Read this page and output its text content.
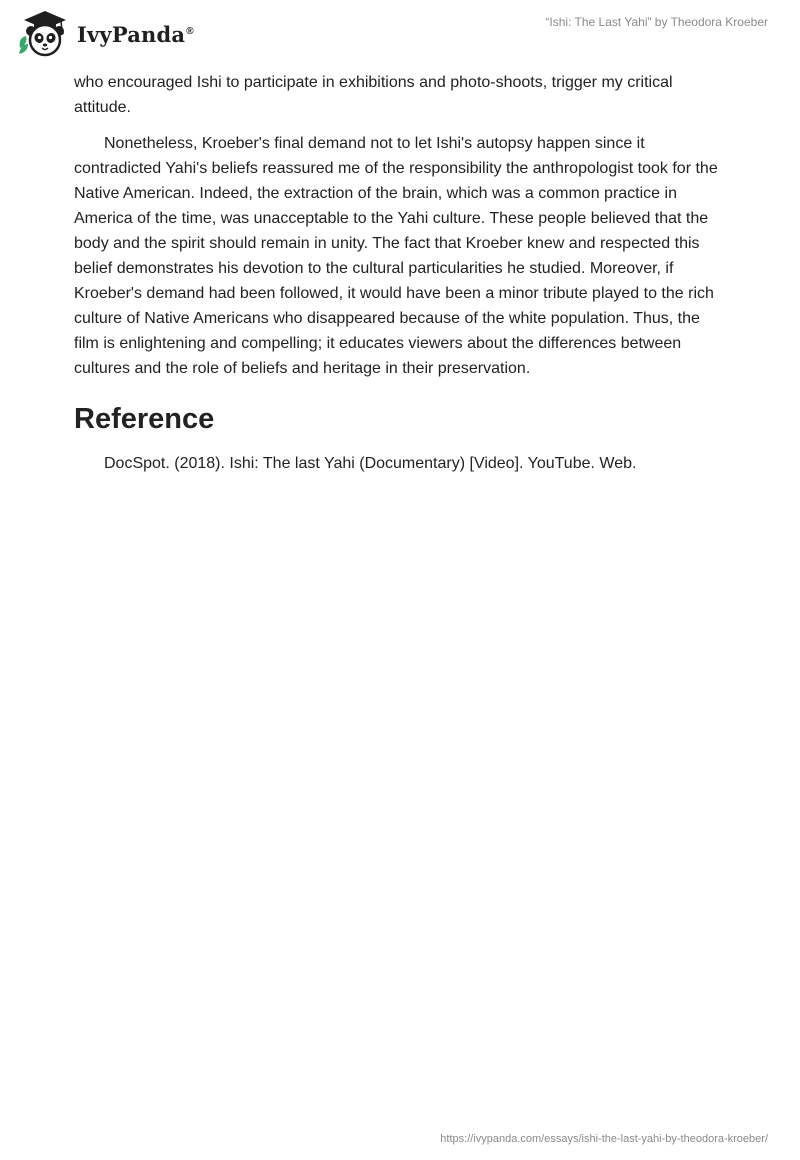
IvyPanda®
“Ishi: The Last Yahi” by Theodora Kroeber

who encouraged Ishi to participate in exhibitions and photo-shoots, trigger my critical attitude.

Nonetheless, Kroeber's final demand not to let Ishi's autopsy happen since it contradicted Yahi's beliefs reassured me of the responsibility the anthropologist took for the Native American. Indeed, the extraction of the brain, which was a common practice in America of the time, was unacceptable to the Yahi culture. These people believed that the body and the spirit should remain in unity. The fact that Kroeber knew and respected this belief demonstrates his devotion to the cultural particularities he studied. Moreover, if Kroeber's demand had been followed, it would have been a minor tribute played to the rich culture of Native Americans who disappeared because of the white population. Thus, the film is enlightening and compelling; it educates viewers about the differences between cultures and the role of beliefs and heritage in their preservation.

Reference

DocSpot. (2018). Ishi: The last Yahi (Documentary) [Video]. YouTube. Web.

https://ivypanda.com/essays/ishi-the-last-yahi-by-theodora-kroeber/
